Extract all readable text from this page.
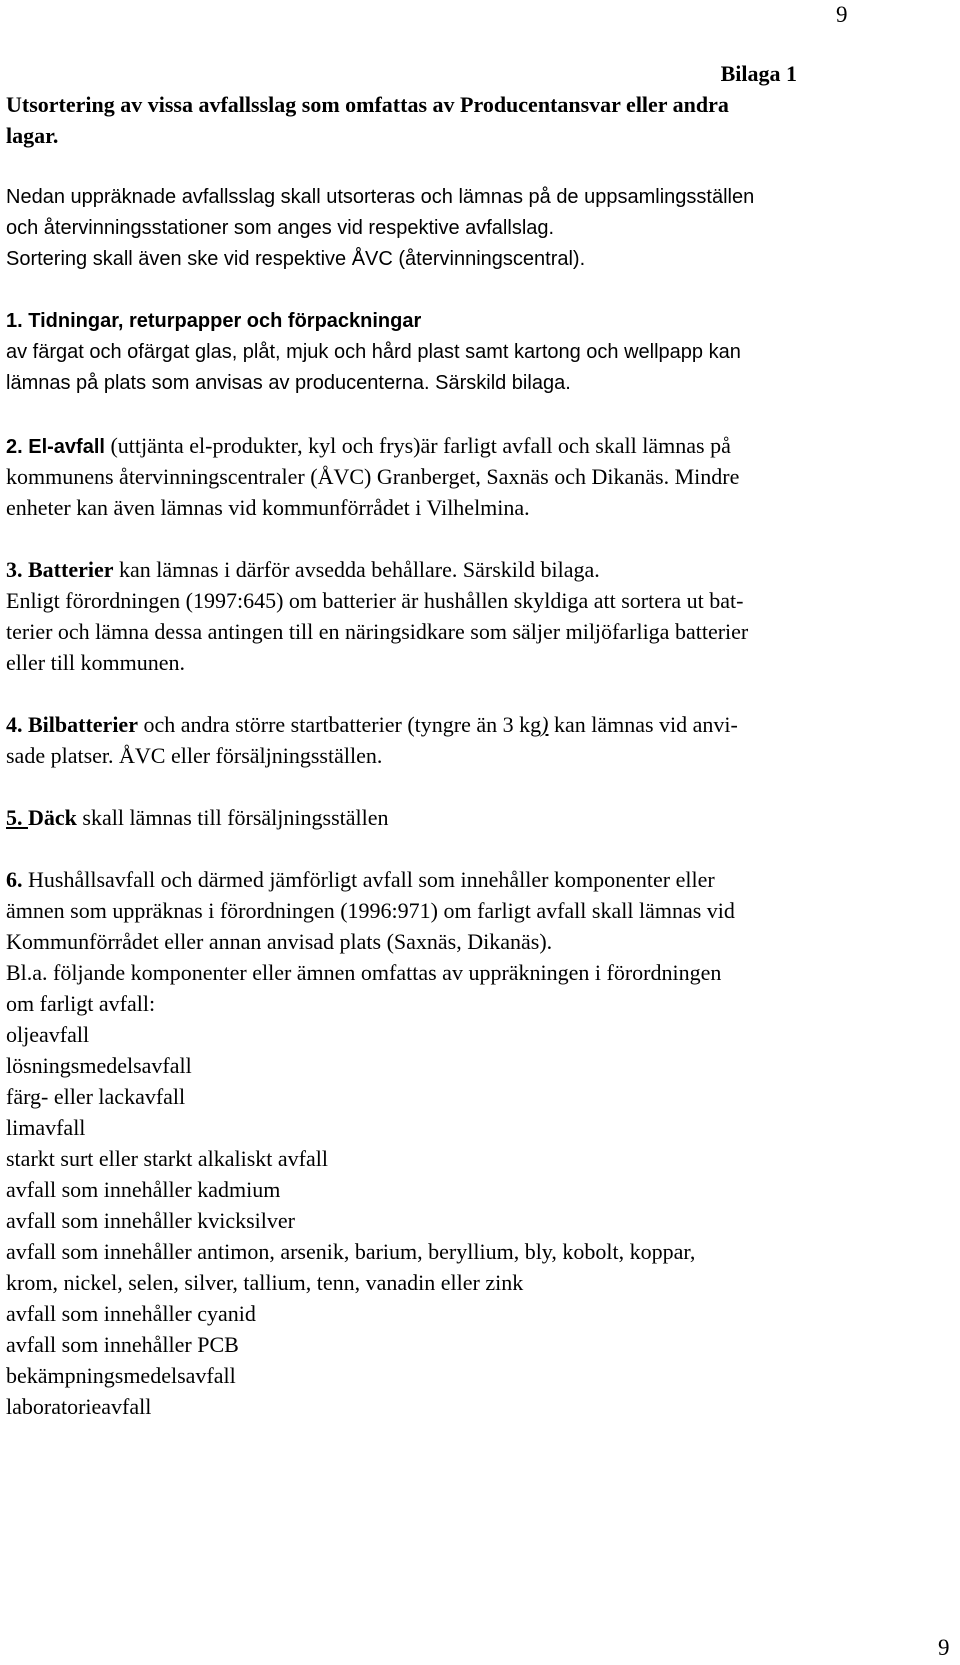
9
Bilaga 1
Utsortering av vissa avfallsslag som omfattas av Producentansvar eller andra
lagar.
Nedan uppräknade avfallsslag skall utsorteras och lämnas på de uppsamlingsställen
och återvinningsstationer som anges vid respektive avfallslag.
Sortering skall även ske vid respektive ÅVC (återvinningscentral).
1. Tidningar, returpapper och förpackningar
av färgat och ofärgat glas, plåt, mjuk och hård plast samt kartong och wellpapp kan
lämnas på plats som anvisas av producenterna. Särskild bilaga.
2. El-avfall (uttjänta el-produkter, kyl och frys)är farligt avfall och skall lämnas på
kommunens återvinningscentraler (ÅVC) Granberget, Saxnäs och Dikanäs. Mindre
enheter kan även lämnas vid kommunförrådet i Vilhelmina.
3. Batterier kan lämnas i därför avsedda behållare. Särskild bilaga.
Enligt förordningen (1997:645) om batterier är hushållen skyldiga att sortera ut bat-
terier och lämna dessa antingen till en näringsidkare som säljer miljöfarliga batterier
eller till kommunen.
4. Bilbatterier och andra större startbatterier (tyngre än 3 kg) kan lämnas vid anvi-
sade platser. ÅVC eller försäljningsställen.
5. Däck skall lämnas till försäljningsställen
6. Hushållsavfall och därmed jämförligt avfall som innehåller komponenter eller
ämnen som uppräknas i förordningen (1996:971) om farligt avfall skall lämnas vid
Kommunförrådet eller annan anvisad plats (Saxnäs, Dikanäs).
Bl.a. följande komponenter eller ämnen omfattas av uppräkningen i förordningen
om farligt avfall:
oljeavfall
lösningsmedelsavfall
färg- eller lackavfall
limavfall
starkt surt eller starkt alkaliskt avfall
avfall som innehåller kadmium
avfall som innehåller kvicksilver
avfall som innehåller antimon, arsenik, barium, beryllium, bly, kobolt, koppar,
krom, nickel, selen, silver, tallium, tenn, vanadin eller zink
avfall som innehåller cyanid
avfall som innehåller PCB
bekämpningsmedelsavfall
laboratorieavfall
9
